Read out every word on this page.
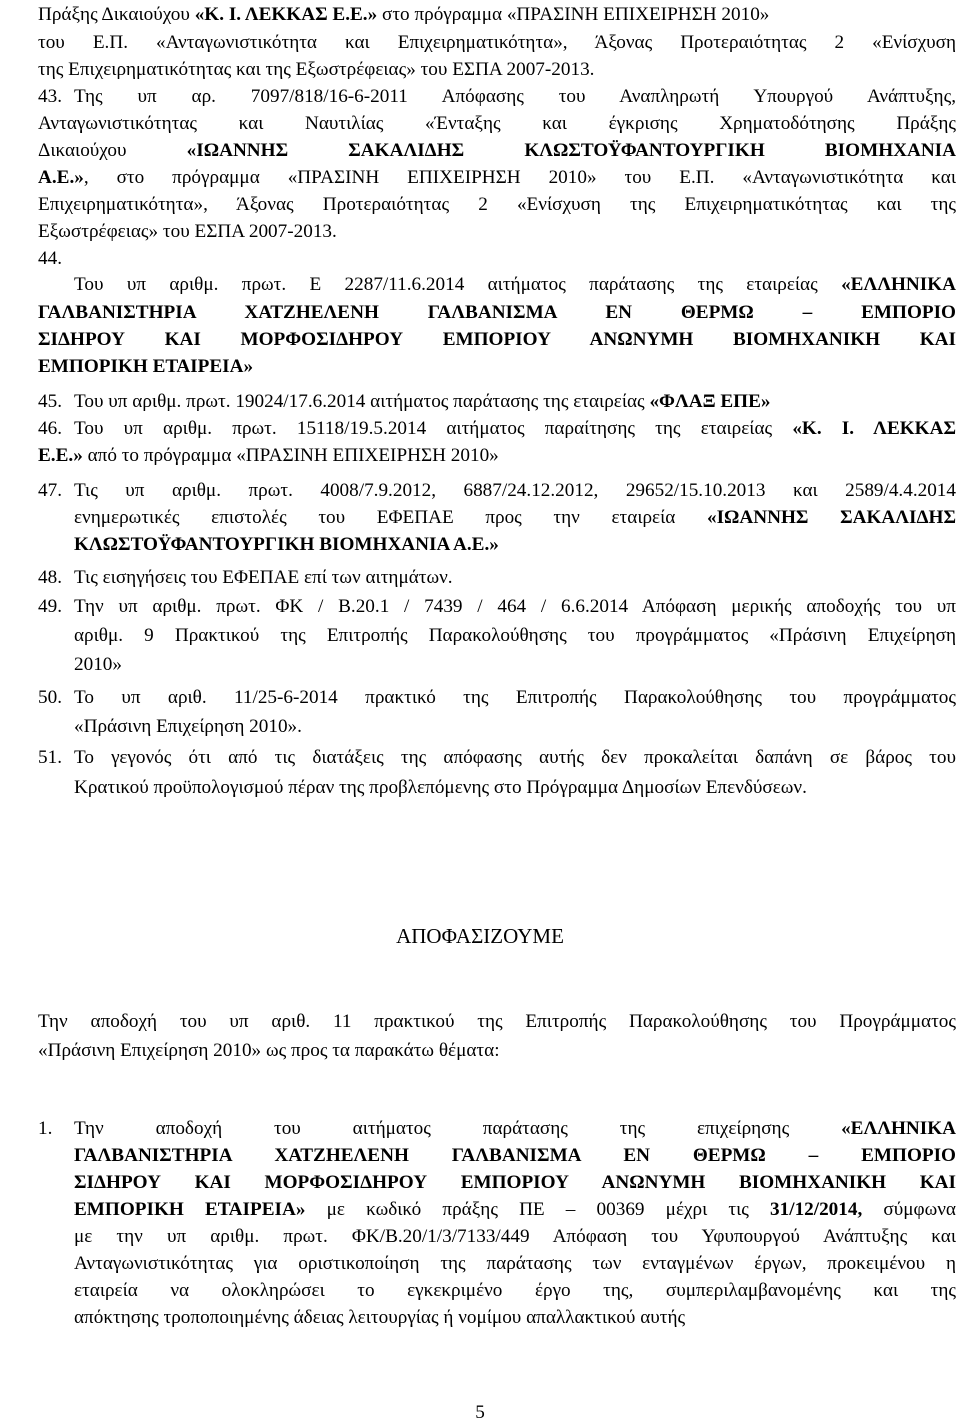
Πράξης Δικαιούχου «Κ. Ι. ΛΕΚΚΑΣ Ε.Ε.» στο πρόγραμμα «ΠΡΑΣΙΝΗ ΕΠΙΧΕΙΡΗΣΗ 2010»
του Ε.Π. «Ανταγωνιστικότητα και Επιχειρηματικότητα», Άξονας Προτεραιότητας 2 «Ενίσχυση
της Επιχειρηματικότητας και της Εξωστρέφειας» του ΕΣΠΑ 2007-2013.
43. Της υπ αρ. 7097/818/16-6-2011 Απόφασης του Αναπληρωτή Υπουργού Ανάπτυξης,
Ανταγωνιστικότητας και Ναυτιλίας «Ένταξης και έγκρισης Χρηματοδότησης Πράξης
Δικαιούχου «ΙΩΑΝΝΗΣ ΣΑΚΑΛΙΔΗΣ ΚΛΩΣΤΟΫΦΑΝΤΟΥΡΓΙΚΗ ΒΙΟΜΗΧΑΝΙΑ
Α.Ε.», στο πρόγραμμα «ΠΡΑΣΙΝΗ ΕΠΙΧΕΙΡΗΣΗ 2010» του Ε.Π. «Ανταγωνιστικότητα και
Επιχειρηματικότητα», Άξονας Προτεραιότητας 2 «Ενίσχυση της Επιχειρηματικότητας και της
Εξωστρέφειας» του ΕΣΠΑ 2007-2013.
44.
Του υπ αριθμ. πρωτ. Ε 2287/11.6.2014 αιτήματος παράτασης της εταιρείας «ΕΛΛΗΝΙΚΑ
ΓΑΛΒΑΝΙΣΤΗΡΙΑ ΧΑΤΖΗΕΛΕΝΗ ΓΑΛΒΑΝΙΣΜΑ ΕΝ ΘΕΡΜΩ – ΕΜΠΟΡΙΟ
ΣΙΔΗΡΟΥ ΚΑΙ ΜΟΡΦΟΣΙΔΗΡΟΥ ΕΜΠΟΡΙΟΥ ΑΝΩΝΥΜΗ ΒΙΟΜΗΧΑΝΙΚΗ ΚΑΙ
ΕΜΠΟΡΙΚΗ ΕΤΑΙΡΕΙΑ»
45. Του υπ αριθμ. πρωτ. 19024/17.6.2014 αιτήματος παράτασης της εταιρείας «ΦΛΑΞ ΕΠΕ»
46. Του υπ αριθμ. πρωτ. 15118/19.5.2014 αιτήματος παραίτησης της εταιρείας «Κ. Ι. ΛΕΚΚΑΣ
Ε.Ε.» από το πρόγραμμα «ΠΡΑΣΙΝΗ ΕΠΙΧΕΙΡΗΣΗ 2010»
47. Τις υπ αριθμ. πρωτ. 4008/7.9.2012, 6887/24.12.2012, 29652/15.10.2013 και 2589/4.4.2014
ενημερωτικές επιστολές του ΕΦΕΠΑΕ προς την εταιρεία «ΙΩΑΝΝΗΣ ΣΑΚΑΛΙΔΗΣ
ΚΛΩΣΤΟΫΦΑΝΤΟΥΡΓΙΚΗ ΒΙΟΜΗΧΑΝΙΑ Α.Ε.»
48. Τις εισηγήσεις του ΕΦΕΠΑΕ επί των αιτημάτων.
49. Την υπ αριθμ. πρωτ. ΦΚ / Β.20.1 / 7439 / 464 / 6.6.2014 Απόφαση μερικής αποδοχής του υπ
αριθμ. 9 Πρακτικού της Επιτροπής Παρακολούθησης του προγράμματος «Πράσινη Επιχείρηση
2010»
50. Το υπ αριθ. 11/25-6-2014 πρακτικό της Επιτροπής Παρακολούθησης του προγράμματος
«Πράσινη Επιχείρηση 2010».
51. Το γεγονός ότι από τις διατάξεις της απόφασης αυτής δεν προκαλείται δαπάνη σε βάρος του
Κρατικού προϋπολογισμού πέραν της προβλεπόμενης στο Πρόγραμμα Δημοσίων Επενδύσεων.
Την αποδοχή του υπ αριθ. 11 πρακτικού της Επιτροπής Παρακολούθησης του Προγράμματος
«Πράσινη Επιχείρηση 2010» ως προς τα παρακάτω θέματα:
1. Την αποδοχή του αιτήματος παράτασης της επιχείρησης «ΕΛΛΗΝΙΚΑ
ΓΑΛΒΑΝΙΣΤΗΡΙΑ ΧΑΤΖΗΕΛΕΝΗ ΓΑΛΒΑΝΙΣΜΑ ΕΝ ΘΕΡΜΩ – ΕΜΠΟΡΙΟ
ΣΙΔΗΡΟΥ ΚΑΙ ΜΟΡΦΟΣΙΔΗΡΟΥ ΕΜΠΟΡΙΟΥ ΑΝΩΝΥΜΗ ΒΙΟΜΗΧΑΝΙΚΗ ΚΑΙ
ΕΜΠΟΡΙΚΗ ΕΤΑΙΡΕΙΑ» με κωδικό πράξης ΠΕ – 00369 μέχρι τις 31/12/2014, σύμφωνα
με την υπ αριθμ. πρωτ. ΦΚ/Β.20/1/3/7133/449 Απόφαση του Υφυπουργού Ανάπτυξης και
Ανταγωνιστικότητας για οριστικοποίηση της παράτασης των ενταγμένων έργων, προκειμένου η
εταιρεία να ολοκληρώσει το εγκεκριμένο έργο της, συμπεριλαμβανομένης και της
απόκτησης τροποποιημένης άδειας λειτουργίας ή νομίμου απαλλακτικού αυτής
ΑΠΟΦΑΣΙΖΟΥΜΕ
5
